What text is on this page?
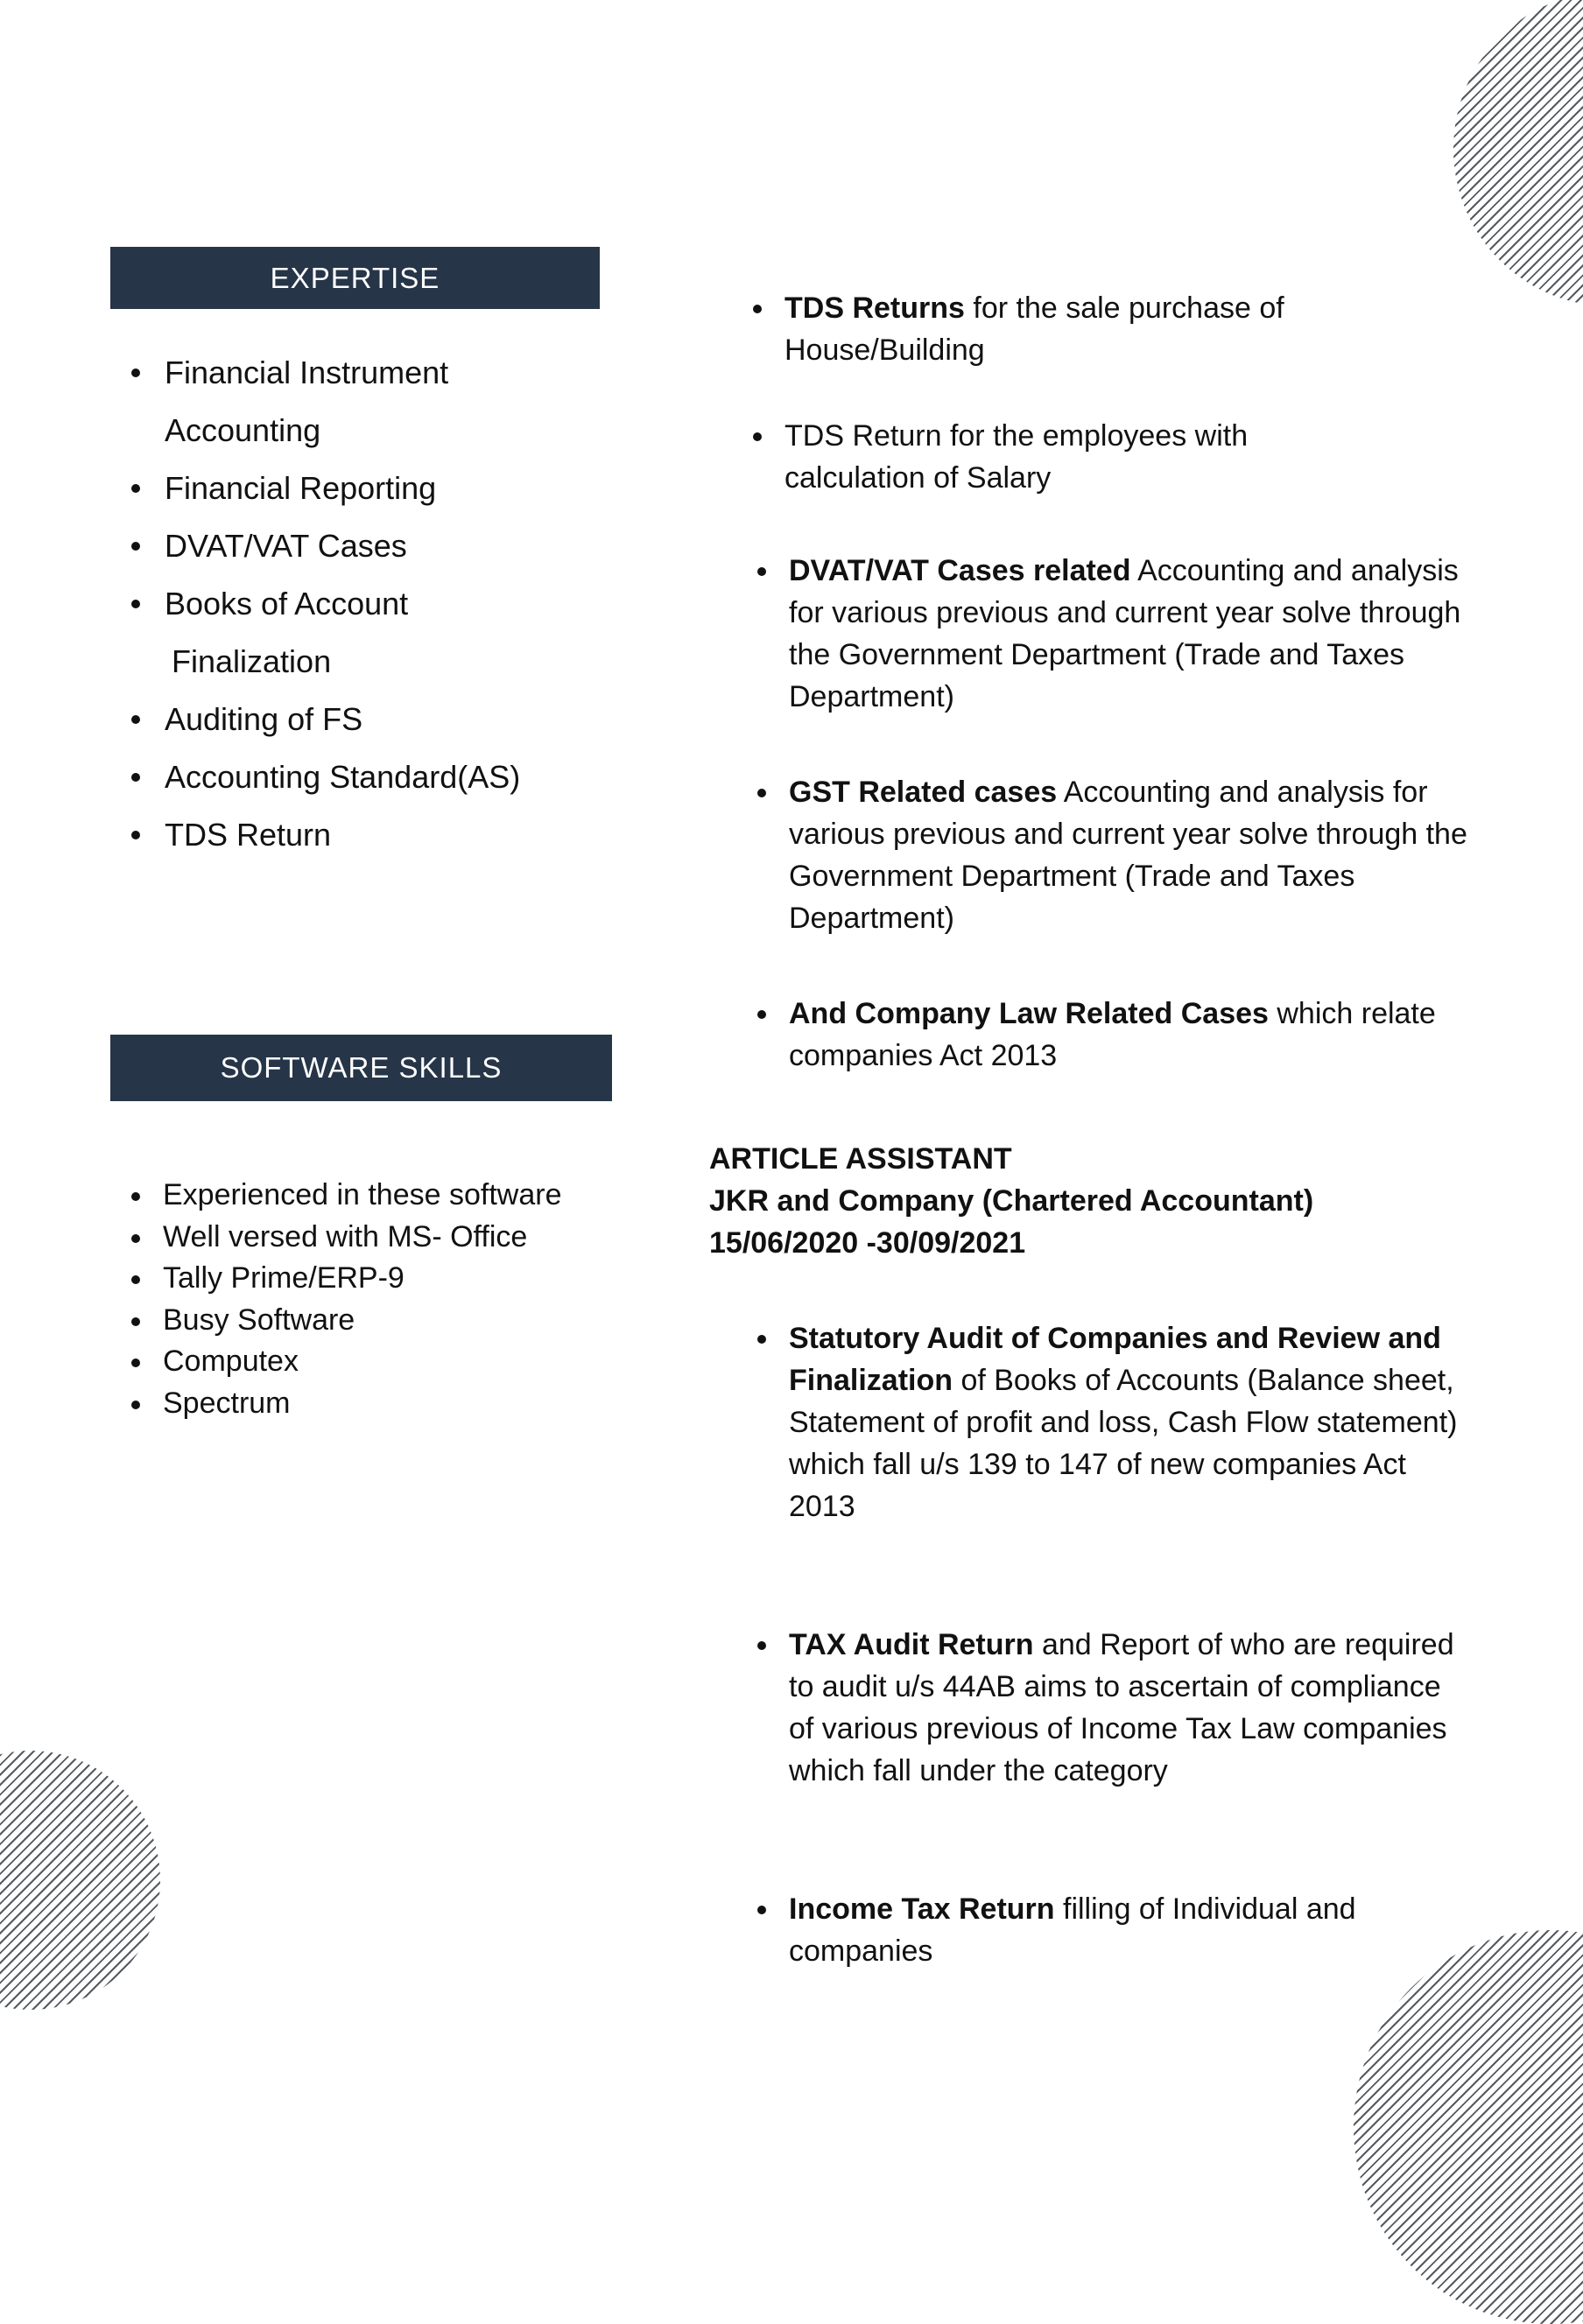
EXPERTISE
Financial Instrument
Accounting
Financial Reporting
DVAT/VAT Cases
Books of Account
Finalization
Auditing of FS
Accounting Standard(AS)
TDS Return
SOFTWARE SKILLS
Experienced in these software
Well versed with MS- Office
Tally Prime/ERP-9
Busy Software
Computex
Spectrum
TDS Returns for the sale purchase of House/Building
TDS Return for the employees with calculation of Salary
DVAT/VAT Cases related Accounting and analysis for various previous and current year solve through the Government Department (Trade and Taxes Department)
GST Related cases Accounting and analysis for various previous and current year solve through the Government Department (Trade and Taxes Department)
And Company Law Related Cases which relate companies Act 2013
ARTICLE ASSISTANT
JKR and Company (Chartered Accountant) 15/06/2020 -30/09/2021
Statutory Audit of Companies and Review and Finalization of Books of Accounts (Balance sheet, Statement of profit and loss, Cash Flow statement) which fall u/s 139 to 147 of new companies Act 2013
TAX Audit Return and Report of who are required to audit u/s 44AB aims to ascertain of compliance of various previous of Income Tax Law companies which fall under the category
Income Tax Return filling of Individual and companies
